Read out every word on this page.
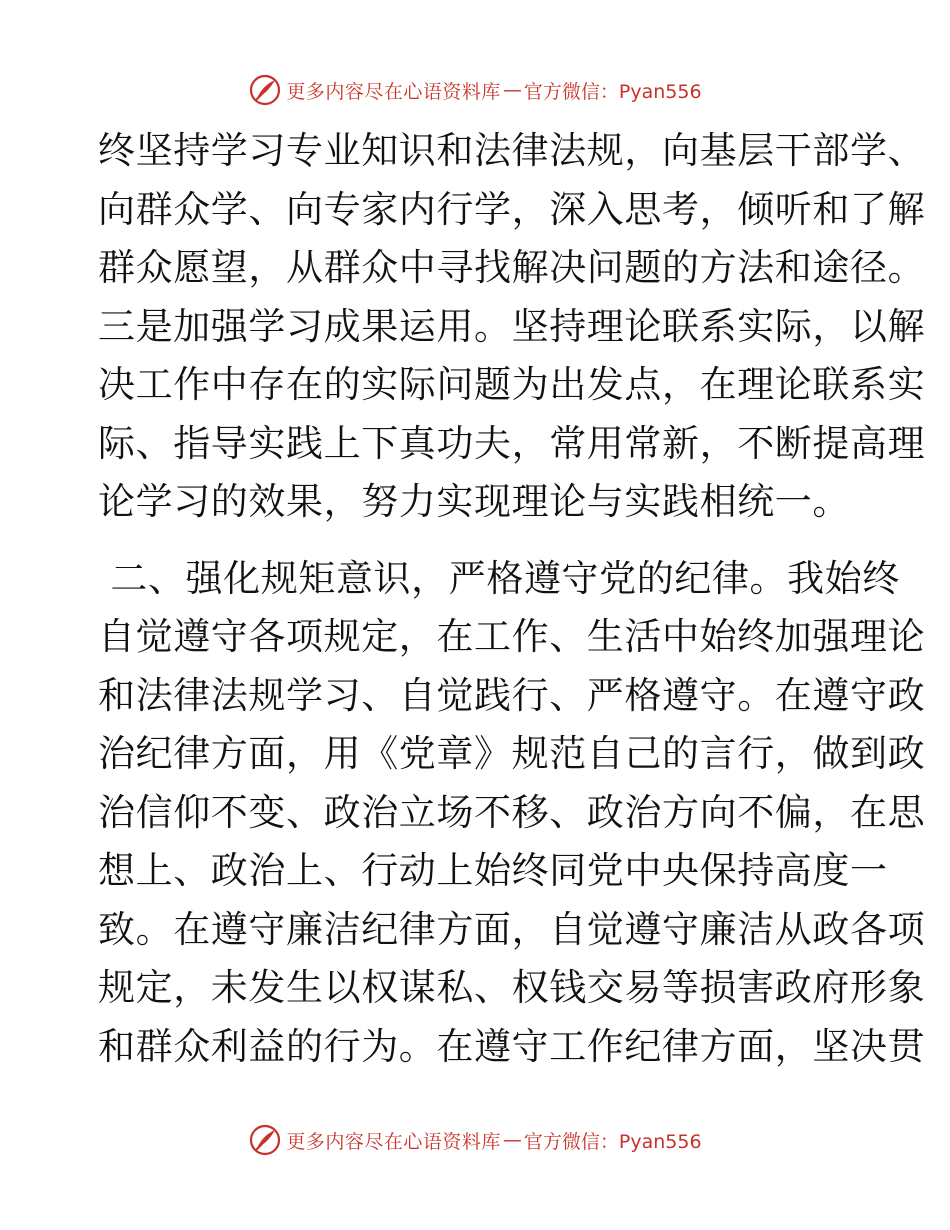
更多内容尽在心语资料库 — 官方微信：Pyan556
终坚持学习专业知识和法律法规，向基层干部学、
向群众学、向专家内行学，深入思考，倾听和了解
群众愿望，从群众中寻找解决问题的方法和途径。
三是加强学习成果运用。坚持理论联系实际，以解
决工作中存在的实际问题为出发点，在理论联系实
际、指导实践上下真功夫，常用常新，不断提高理
论学习的效果，努力实现理论与实践相统一。
二、强化规矩意识，严格遵守党的纪律。我始终
自觉遵守各项规定，在工作、生活中始终加强理论
和法律法规学习、自觉践行、严格遵守。在遵守政
治纪律方面，用《党章》规范自己的言行，做到政
治信仰不变、政治立场不移、政治方向不偏，在思
想上、政治上、行动上始终同党中央保持高度一
致。在遵守廉洁纪律方面，自觉遵守廉洁从政各项
规定，未发生以权谋私、权钱交易等损害政府形象
和群众利益的行为。在遵守工作纪律方面，坚决贯
更多内容尽在心语资料库 — 官方微信：Pyan556
